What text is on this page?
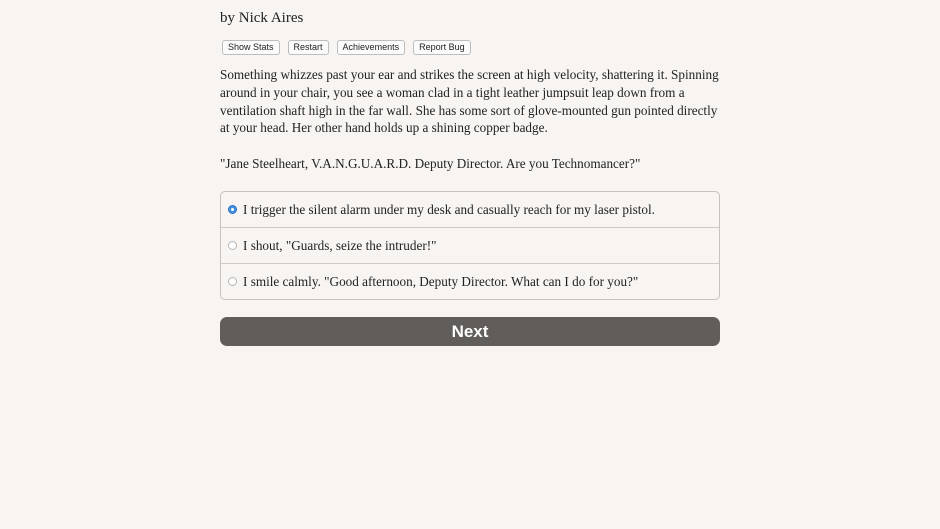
by Nick Aires
Show Stats	Restart	Achievements	Report Bug

Something whizzes past your ear and strikes the screen at high velocity, shattering it. Spinning around in your chair, you see a woman clad in a tight leather jumpsuit leap down from a ventilation shaft high in the far wall. She has some sort of glove-mounted gun pointed directly at your head. Her other hand holds up a shining copper badge.

"Jane Steelheart, V.A.N.G.U.A.R.D. Deputy Director. Are you Technomancer?"

I trigger the silent alarm under my desk and casually reach for my laser pistol.
I shout, "Guards, seize the intruder!"
I smile calmly. "Good afternoon, Deputy Director. What can I do for you?"
Next
